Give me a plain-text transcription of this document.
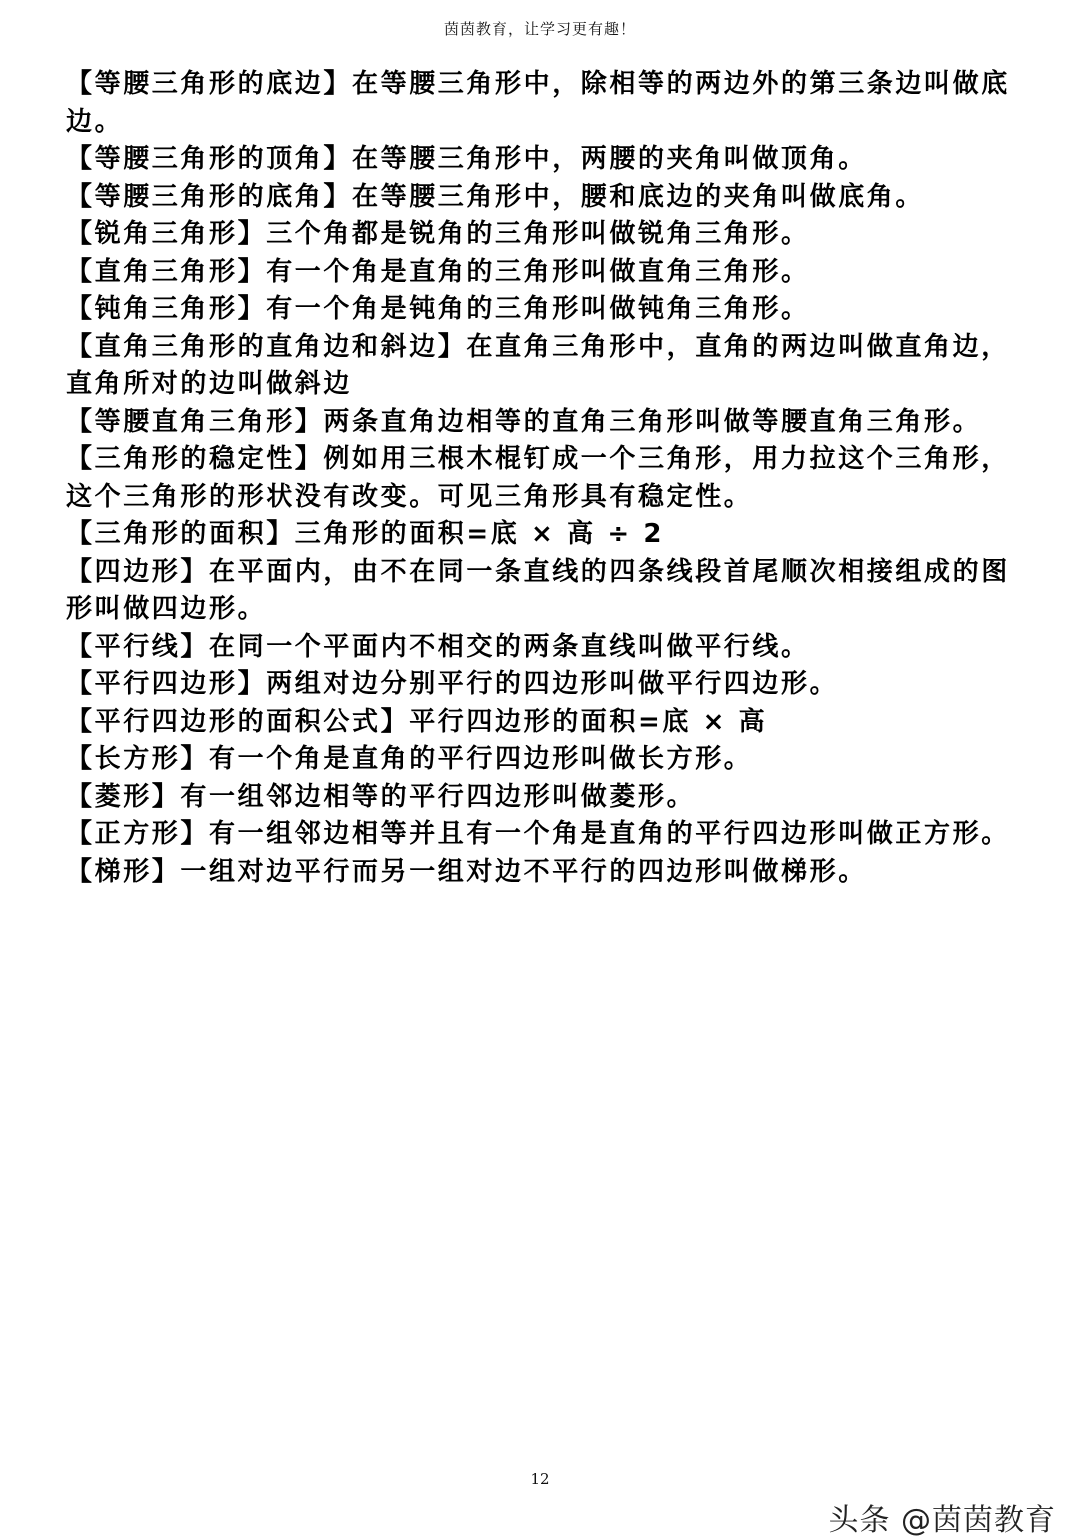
茵茵教育，让学习更有趣！

【等腰三角形的底边】在等腰三角形中，除相等的两边外的第三条边叫做底边。

【等腰三角形的顶角】在等腰三角形中，两腰的夹角叫做顶角。

【等腰三角形的底角】在等腰三角形中，腰和底边的夹角叫做底角。

【锐角三角形】三个角都是锐角的三角形叫做锐角三角形。

【直角三角形】有一个角是直角的三角形叫做直角三角形。

【钝角三角形】有一个角是钝角的三角形叫做钝角三角形。

【直角三角形的直角边和斜边】在直角三角形中，直角的两边叫做直角边，直角所对的边叫做斜边

【等腰直角三角形】两条直角边相等的直角三角形叫做等腰直角三角形。

【三角形的稳定性】例如用三根木棍钉成一个三角形，用力拉这个三角形，这个三角形的形状没有改变。可见三角形具有稳定性。

【三角形的面积】三角形的面积=底 × 高 ÷ 2

【四边形】在平面内，由不在同一条直线的四条线段首尾顺次相接组成的图形叫做四边形。

【平行线】在同一个平面内不相交的两条直线叫做平行线。

【平行四边形】两组对边分别平行的四边形叫做平行四边形。

【平行四边形的面积公式】平行四边形的面积=底 × 高

【长方形】有一个角是直角的平行四边形叫做长方形。

【菱形】有一组邻边相等的平行四边形叫做菱形。

【正方形】有一组邻边相等并且有一个角是直角的平行四边形叫做正方形。

【梯形】一组对边平行而另一组对边不平行的四边形叫做梯形。

12
头条 @茵茵教育
